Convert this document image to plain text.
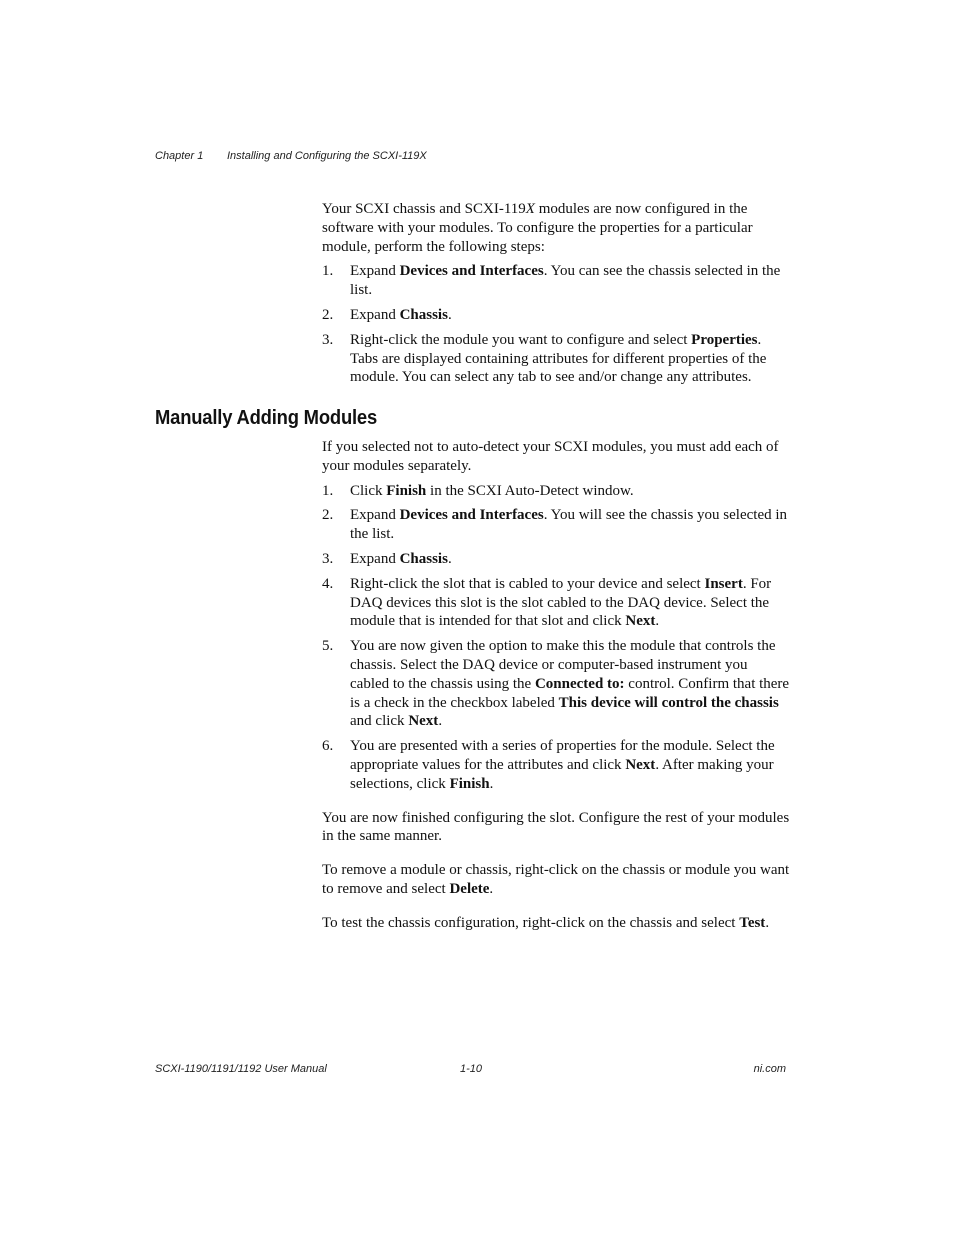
Chapter 1	Installing and Configuring the SCXI-119X

Your SCXI chassis and SCXI-119X modules are now configured in the software with your modules. To configure the properties for a particular module, perform the following steps:

1. Expand Devices and Interfaces. You can see the chassis selected in the list.
2. Expand Chassis.
3. Right-click the module you want to configure and select Properties. Tabs are displayed containing attributes for different properties of the module. You can select any tab to see and/or change any attributes.
Manually Adding Modules

If you selected not to auto-detect your SCXI modules, you must add each of your modules separately.

1. Click Finish in the SCXI Auto-Detect window.
2. Expand Devices and Interfaces. You will see the chassis you selected in the list.
3. Expand Chassis.
4. Right-click the slot that is cabled to your device and select Insert. For DAQ devices this slot is the slot cabled to the DAQ device. Select the module that is intended for that slot and click Next.
5. You are now given the option to make this the module that controls the chassis. Select the DAQ device or computer-based instrument you cabled to the chassis using the Connected to: control. Confirm that there is a check in the checkbox labeled This device will control the chassis and click Next.
6. You are presented with a series of properties for the module. Select the appropriate values for the attributes and click Next. After making your selections, click Finish.

You are now finished configuring the slot. Configure the rest of your modules in the same manner.

To remove a module or chassis, right-click on the chassis or module you want to remove and select Delete.

To test the chassis configuration, right-click on the chassis and select Test.

SCXI-1190/1191/1192 User Manual	1-10	ni.com
